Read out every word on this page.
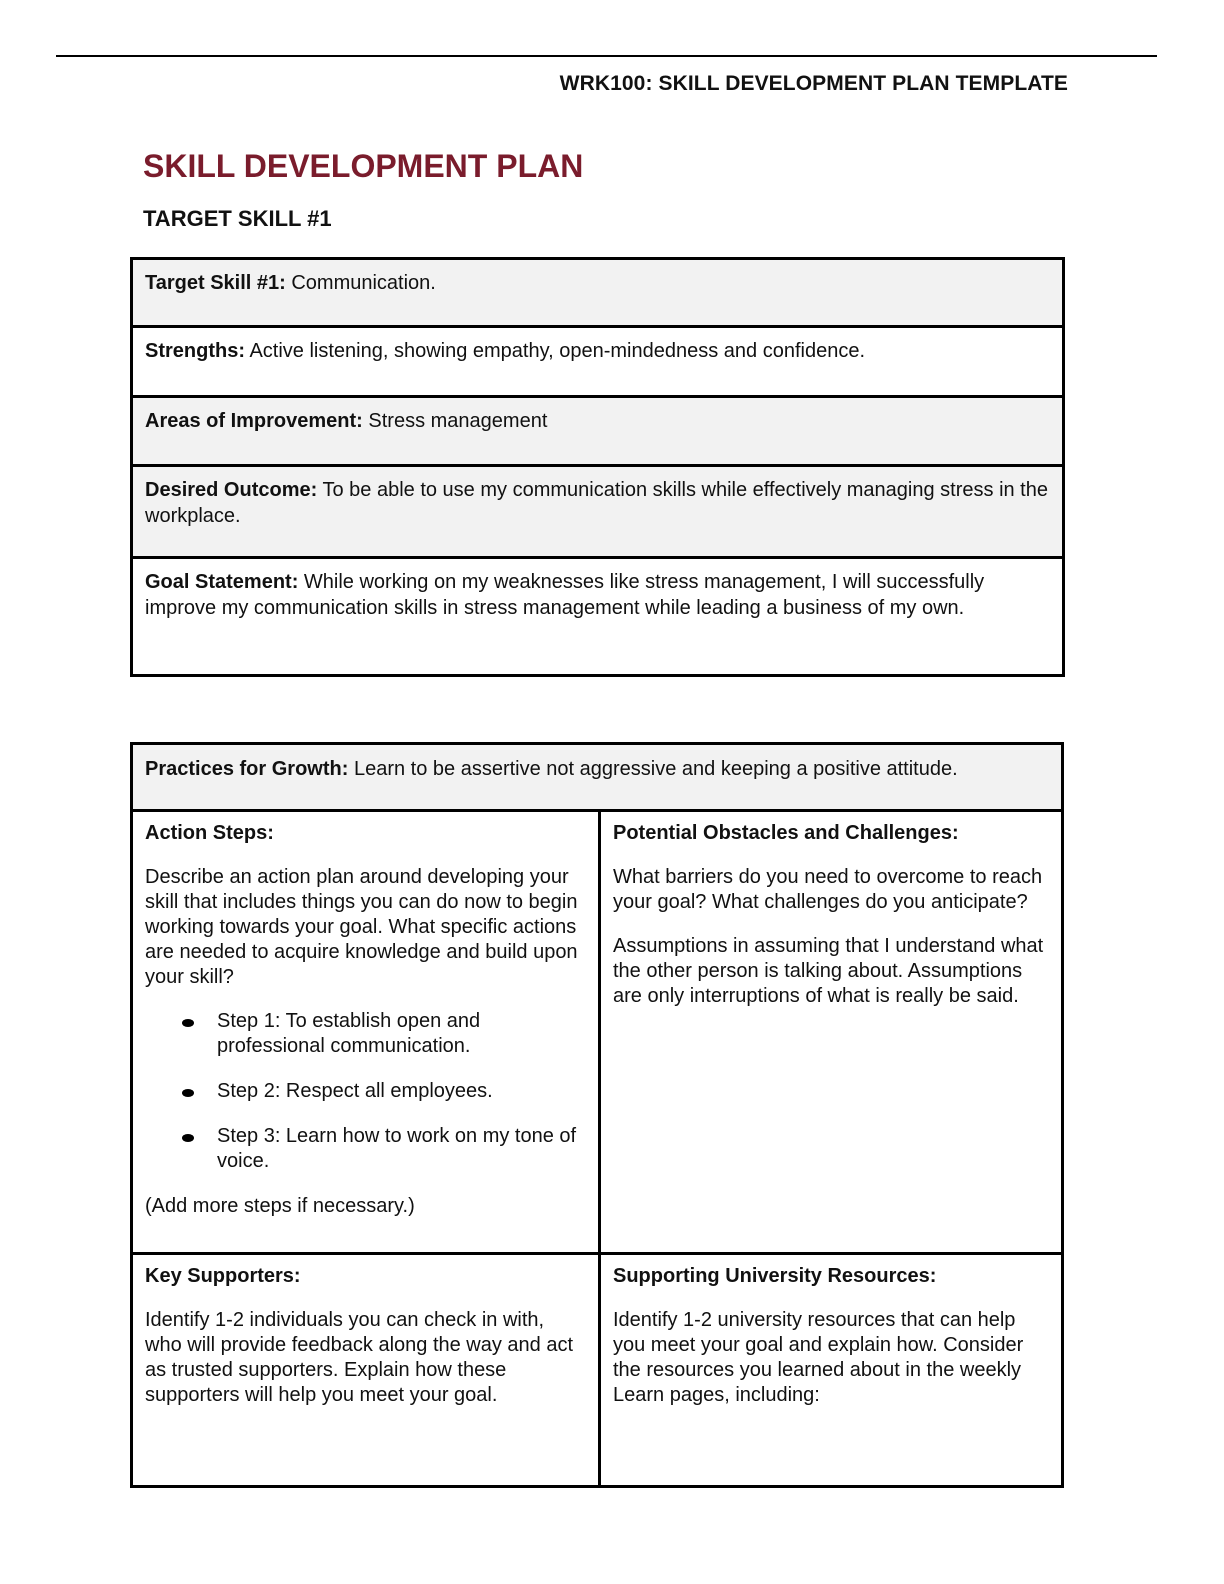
WRK100: SKILL DEVELOPMENT PLAN TEMPLATE
SKILL DEVELOPMENT PLAN
TARGET SKILL #1
Target Skill #1: Communication.
Strengths: Active listening, showing empathy, open-mindedness and confidence.
Areas of Improvement: Stress management
Desired Outcome: To be able to use my communication skills while effectively managing stress in the workplace.
Goal Statement: While working on my weaknesses like stress management, I will successfully improve my communication skills in stress management while leading a business of my own.
Practices for Growth: Learn to be assertive not aggressive and keeping a positive attitude.
Action Steps:

Describe an action plan around developing your skill that includes things you can do now to begin working towards your goal. What specific actions are needed to acquire knowledge and build upon your skill?

Step 1: To establish open and professional communication.
Step 2: Respect all employees.
Step 3: Learn how to work on my tone of voice.

(Add more steps if necessary.)

Potential Obstacles and Challenges:

What barriers do you need to overcome to reach your goal? What challenges do you anticipate?

Assumptions in assuming that I understand what the other person is talking about. Assumptions are only interruptions of what is really be said.

Key Supporters:

Identify 1-2 individuals you can check in with, who will provide feedback along the way and act as trusted supporters. Explain how these supporters will help you meet your goal.

Supporting University Resources:

Identify 1-2 university resources that can help you meet your goal and explain how. Consider the resources you learned about in the weekly Learn pages, including:
